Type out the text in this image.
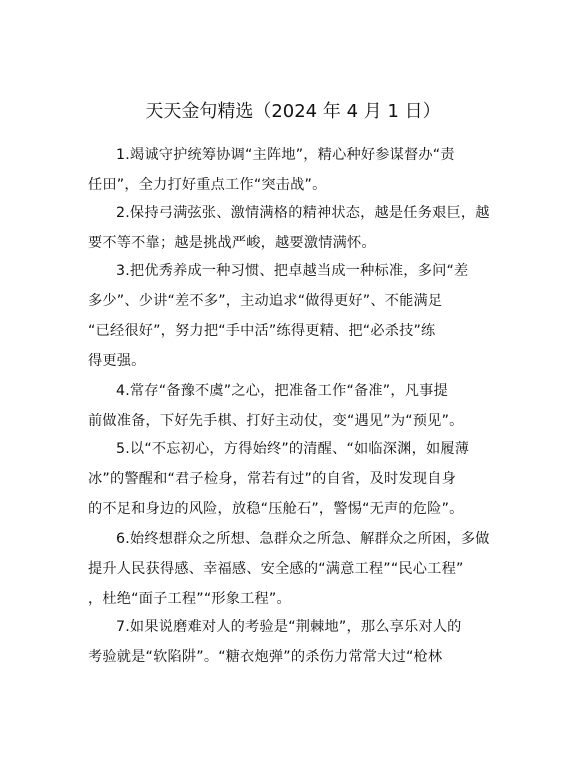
天天金句精选（2024 年 4 月 1 日）

1.竭诚守护统筹协调“主阵地”，精心种好参谋督办“责
任田”，全力打好重点工作“突击战”。

2.保持弓满弦张、激情满格的精神状态，越是任务艰巨，越
要不等不靠；越是挑战严峻，越要激情满怀。

3.把优秀养成一种习惯、把卓越当成一种标准，多问“差
多少”、少讲“差不多”，主动追求“做得更好”、不能满足
“已经很好”，努力把“手中活”练得更精、把“必杀技”练
得更强。

4.常存“备豫不虞”之心，把准备工作“备准”，凡事提
前做准备，下好先手棋、打好主动仗，变“遇见”为“预见”。

5.以“不忘初心，方得始终”的清醒、“如临深渊，如履薄
冰”的警醒和“君子检身，常若有过”的自省，及时发现自身
的不足和身边的风险，放稳“压舱石”，警惕“无声的危险”。

6.始终想群众之所想、急群众之所急、解群众之所困，多做
提升人民获得感、幸福感、安全感的“满意工程”“民心工程”
，杜绝“面子工程”“形象工程”。

7.如果说磨难对人的考验是“荆棘地”，那么享乐对人的
考验就是“软陷阱”。“糖衣炮弹”的杀伤力常常大过“枪林
